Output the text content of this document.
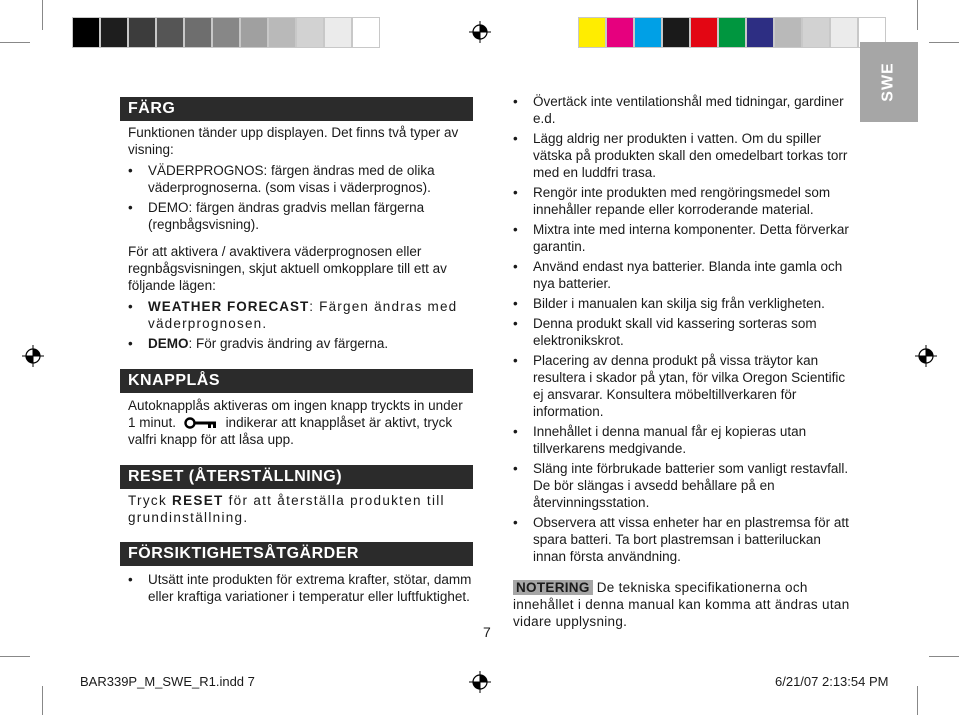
SWE
FÄRG
Funktionen tänder upp displayen. Det finns två typer av visning:
• VÄDERPROGNOS: färgen ändras med de olika väderprognoserna. (som visas i väderprognos).
• DEMO: färgen ändras gradvis mellan färgerna (regnbågsvisning).
För att aktivera / avaktivera väderprognosen eller regnbågsvisningen, skjut aktuell omkopplare till ett av följande lägen:
• WEATHER FORECAST: Färgen ändras med väderprognosen.
• DEMO: För gradvis ändring av färgerna.
KNAPPLÅS
Autoknapplås aktiveras om ingen knapp tryckts in under 1 minut.	indikerar att knapplåset är aktivt, tryck valfri knapp för att låsa upp.
RESET (ÅTERSTÄLLNING)
Tryck RESET för att återställa produkten till grundinställning.
FÖRSIKTIGHETSÅTGÄRDER
• Utsätt inte produkten för extrema krafter, stötar, damm eller kraftiga variationer i temperatur eller luftfuktighet.
• Övertäck inte ventilationshål med tidningar, gardiner e.d.
• Lägg aldrig ner produkten i vatten. Om du spiller vätska på produkten skall den omedelbart torkas torr med en luddfri trasa.
• Rengör inte produkten med rengöringsmedel som innehåller repande eller korroderande material.
• Mixtra inte med interna komponenter. Detta förverkar garantin.
• Använd endast nya batterier. Blanda inte gamla och nya batterier.
• Bilder i manualen kan skilja sig från verkligheten.
• Denna produkt skall vid kassering sorteras som elektronikskrot.
• Placering av denna produkt på vissa träytor kan resultera i skador på ytan, för vilka Oregon Scientific ej ansvarar. Konsultera möbeltillverkaren för information.
• Innehållet i denna manual får ej kopieras utan tillverkarens medgivande.
• Släng inte förbrukade batterier som vanligt restavfall. De bör slängas i avsedd behållare på en återvinningsstation.
• Observera att vissa enheter har en plastremsa för att spara batteri. Ta bort plastremsan i batteriluckan innan första användning.
NOTERING De tekniska specifikationerna och innehållet i denna manual kan komma att ändras utan vidare upplysning.
7
BAR339P_M_SWE_R1.indd 7	6/21/07 2:13:54 PM
